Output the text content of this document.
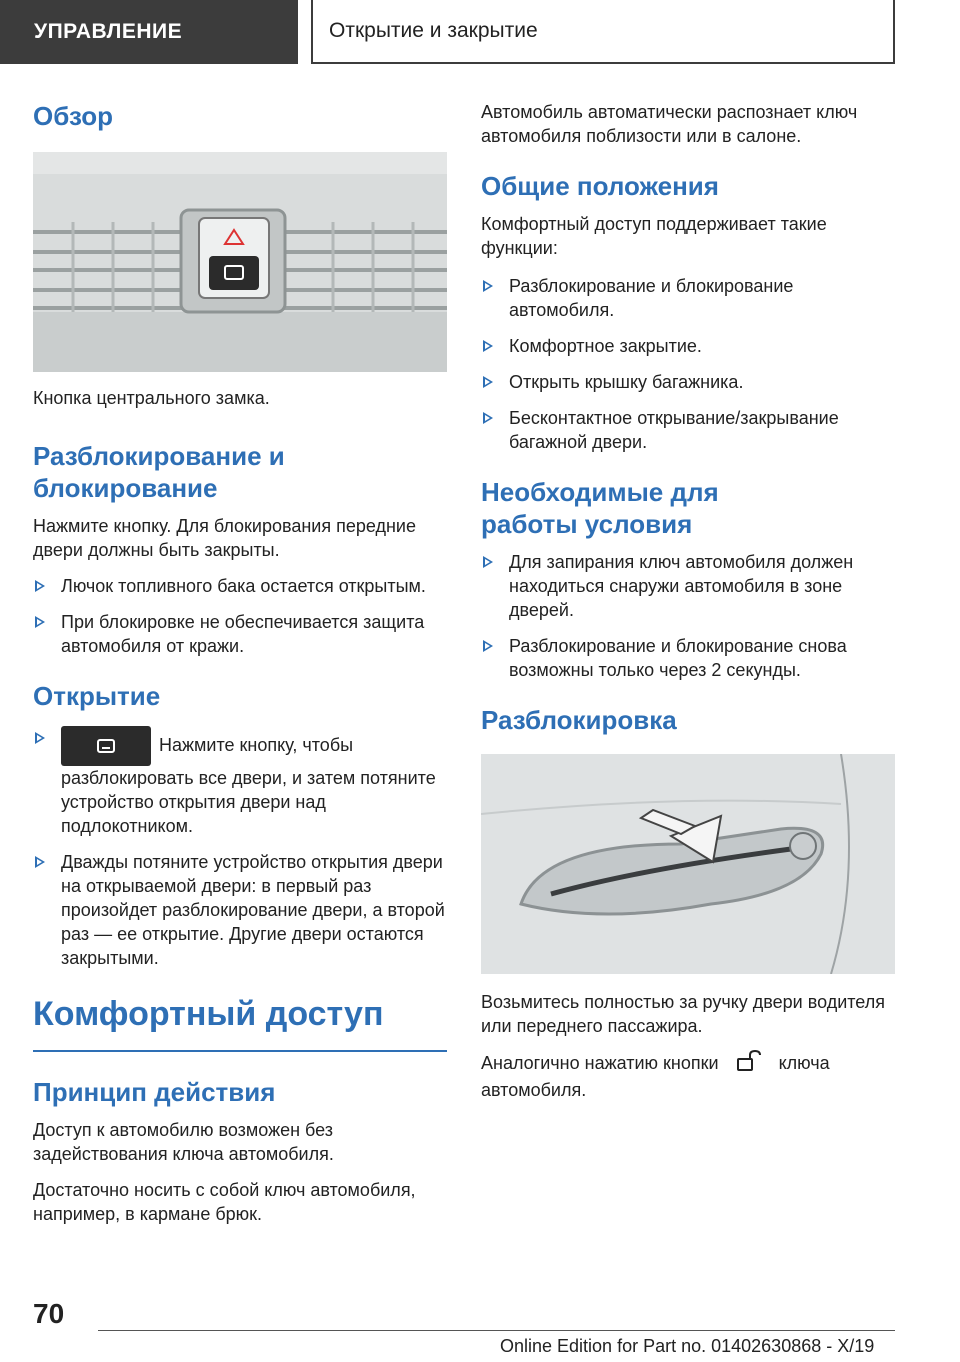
УПРАВЛЕНИЕ	Открытие и закрытие
Обзор

Кнопка центрального замка.

Разблокирование и блокирование

Нажмите кнопку. Для блокирования передние двери должны быть закрыты.

Лючок топливного бака остается открытым.
При блокировке не обеспечивается защита автомобиля от кражи.
Открытие
Нажмите кнопку, чтобы разблокировать все двери, и затем потяните устройство открытия двери над подлокотником.
Дважды потяните устройство открытия двери на открываемой двери: в первый раз произойдет разблокирование двери, а второй раз — ее открытие. Другие двери остаются закрытыми.
Комфортный доступ
Принцип действия

Доступ к автомобилю возможен без задействования ключа автомобиля.

Достаточно носить с собой ключ автомобиля, например, в кармане брюк.

Автомобиль автоматически распознает ключ автомобиля поблизости или в салоне.

Общие положения

Комфортный доступ поддерживает такие функции:

Разблокирование и блокирование автомобиля.
Комфортное закрытие.
Открыть крышку багажника.
Бесконтактное открывание/закрывание багажной двери.
Необходимые для работы условия
Для запирания ключ автомобиля должен находиться снаружи автомобиля в зоне дверей.
Разблокирование и блокирование снова возможны только через 2 секунды.
Разблокировка

Возьмитесь полностью за ручку двери водителя или переднего пассажира.

Аналогично нажатию кнопки	ключа автомобиля.

70
Online Edition for Part no. 01402630868 - X/19
